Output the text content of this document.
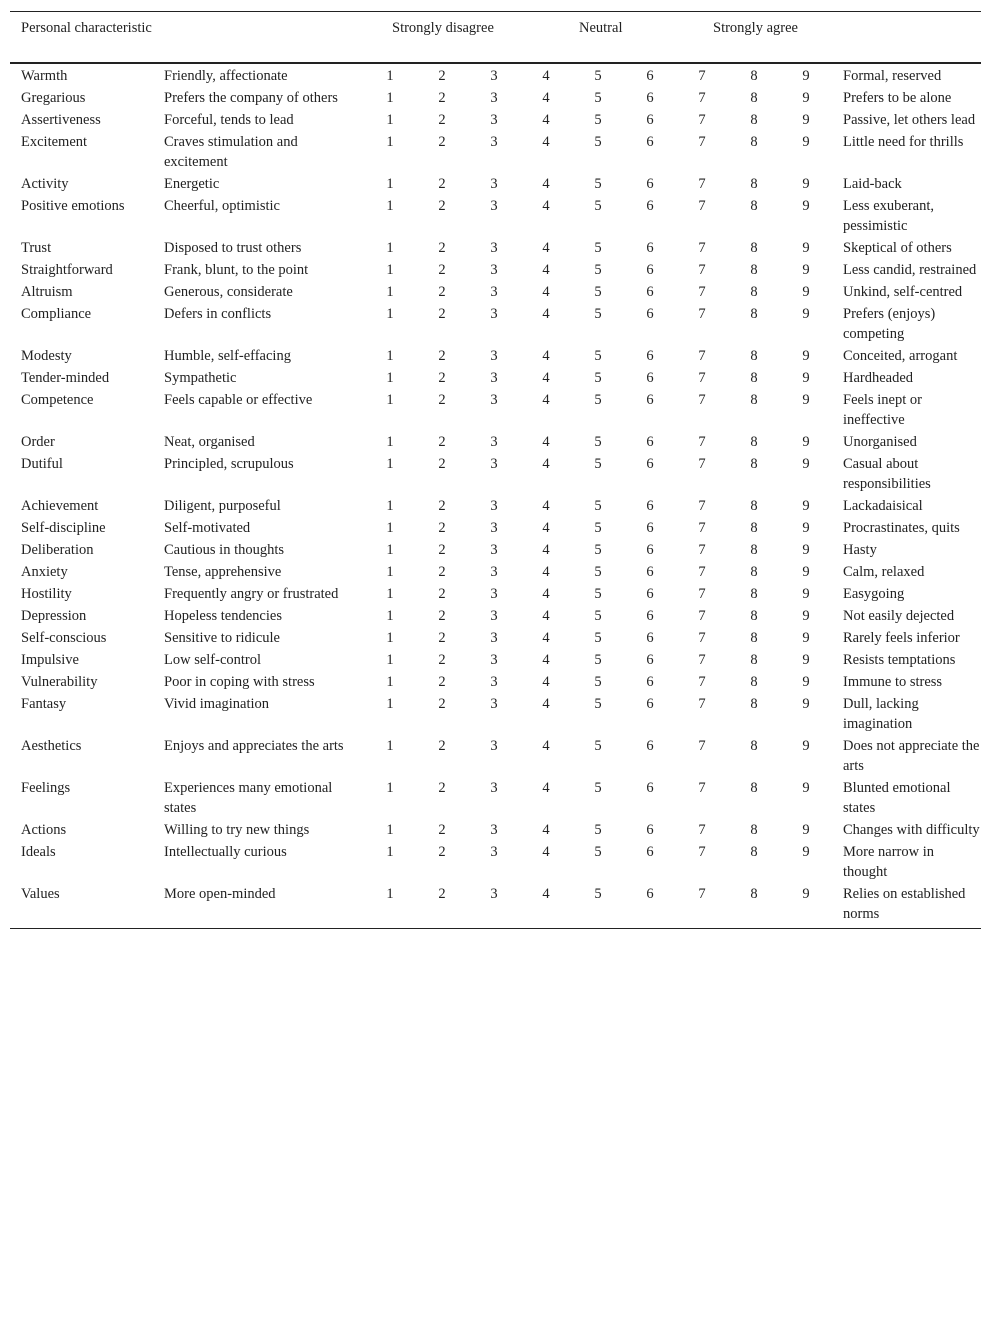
Personal characteristic		Strongly disagree Neutral Strongly agree									

Warmth	Friendly, affectionate	1	2	3	4	5	6	7	8	9	Formal, reserved
Gregarious	Prefers the company of others	1	2	3	4	5	6	7	8	9	Prefers to be alone
Assertiveness	Forceful, tends to lead	1	2	3	4	5	6	7	8	9	Passive, let others lead
Excitement	Craves stimulation and excitement	1	2	3	4	5	6	7	8	9	Little need for thrills
Activity	Energetic	1	2	3	4	5	6	7	8	9	Laid-back
Positive emotions	Cheerful, optimistic	1	2	3	4	5	6	7	8	9	Less exuberant, pessimistic
Trust	Disposed to trust others	1	2	3	4	5	6	7	8	9	Skeptical of others
Straightforward	Frank, blunt, to the point	1	2	3	4	5	6	7	8	9	Less candid, restrained
Altruism	Generous, considerate	1	2	3	4	5	6	7	8	9	Unkind, self-centred
Compliance	Defers in conflicts	1	2	3	4	5	6	7	8	9	Prefers (enjoys) competing
Modesty	Humble, self-effacing	1	2	3	4	5	6	7	8	9	Conceited, arrogant
Tender-minded	Sympathetic	1	2	3	4	5	6	7	8	9	Hardheaded
Competence	Feels capable or effective	1	2	3	4	5	6	7	8	9	Feels inept or ineffective
Order	Neat, organised	1	2	3	4	5	6	7	8	9	Unorganised
Dutiful	Principled, scrupulous	1	2	3	4	5	6	7	8	9	Casual about responsibilities
Achievement	Diligent, purposeful	1	2	3	4	5	6	7	8	9	Lackadaisical
Self-discipline	Self-motivated	1	2	3	4	5	6	7	8	9	Procrastinates, quits
Deliberation	Cautious in thoughts	1	2	3	4	5	6	7	8	9	Hasty
Anxiety	Tense, apprehensive	1	2	3	4	5	6	7	8	9	Calm, relaxed
Hostility	Frequently angry or frustrated	1	2	3	4	5	6	7	8	9	Easygoing
Depression	Hopeless tendencies	1	2	3	4	5	6	7	8	9	Not easily dejected
Self-conscious	Sensitive to ridicule	1	2	3	4	5	6	7	8	9	Rarely feels inferior
Impulsive	Low self-control	1	2	3	4	5	6	7	8	9	Resists temptations
Vulnerability	Poor in coping with stress	1	2	3	4	5	6	7	8	9	Immune to stress
Fantasy	Vivid imagination	1	2	3	4	5	6	7	8	9	Dull, lacking imagination
Aesthetics	Enjoys and appreciates the arts	1	2	3	4	5	6	7	8	9	Does not appreciate the arts
Feelings	Experiences many emotional states	1	2	3	4	5	6	7	8	9	Blunted emotional states
Actions	Willing to try new things	1	2	3	4	5	6	7	8	9	Changes with difficulty
Ideals	Intellectually curious	1	2	3	4	5	6	7	8	9	More narrow in thought
Values	More open-minded	1	2	3	4	5	6	7	8	9	Relies on established norms
